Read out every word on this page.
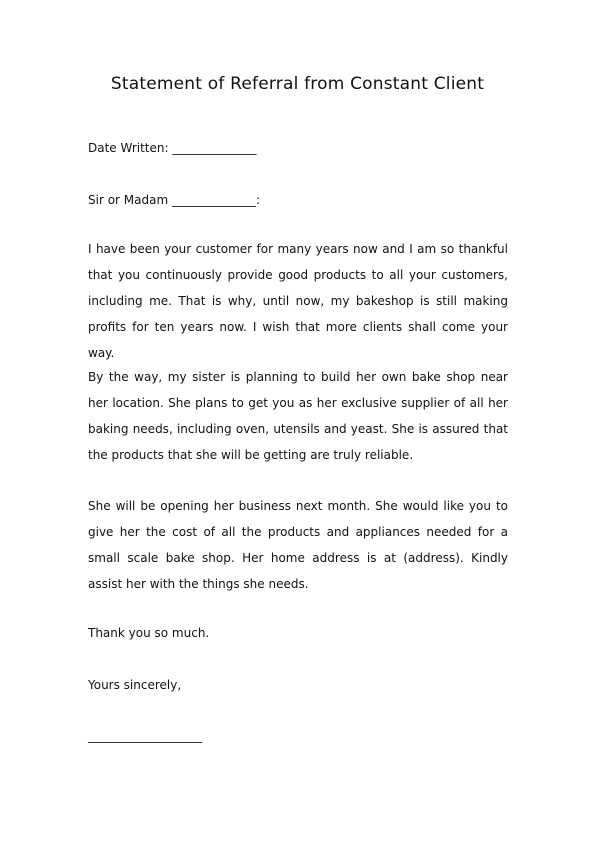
Statement of Referral from Constant Client
Date Written: ______________
Sir or Madam ______________:

I have been your customer for many years now and I am so thankful that you continuously provide good products to all your customers, including me. That is why, until now, my bakeshop is still making profits for ten years now. I wish that more clients shall come your way.

By the way, my sister is planning to build her own bake shop near her location. She plans to get you as her exclusive supplier of all her baking needs, including oven, utensils and yeast. She is assured that the products that she will be getting are truly reliable.

She will be opening her business next month. She would like you to give her the cost of all the products and appliances needed for a small scale bake shop. Her home address is at (address). Kindly assist her with the things she needs.

Thank you so much.
Yours sincerely,
___________________
